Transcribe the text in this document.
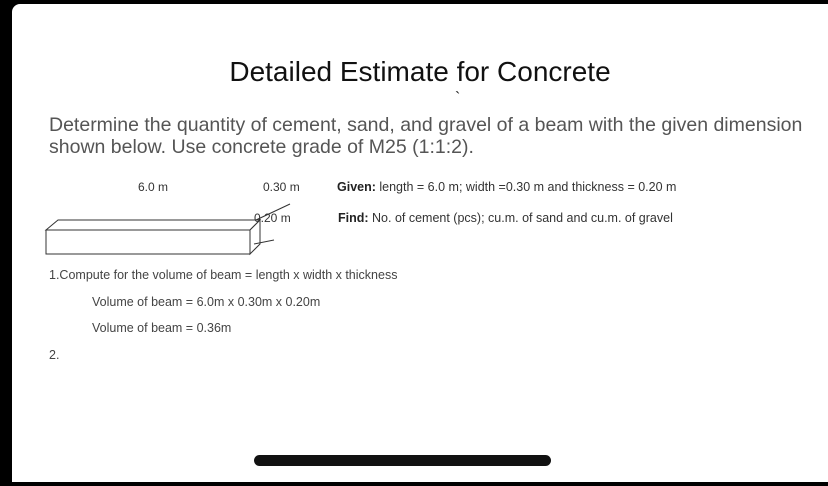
Detailed Estimate for Concrete
`
Determine the quantity of cement, sand, and gravel of a beam with the given dimension shown below. Use concrete grade of M25 (1:1:2).
6.0 m	0.30 m
0.20 m
Given: length = 6.0 m; width =0.30 m and thickness = 0.20 m
Find: No. of cement (pcs); cu.m. of sand and cu.m. of gravel
1.Compute for the volume of beam = length x width x thickness
Volume of beam = 6.0m x 0.30m x 0.20m
Volume of beam = 0.36m
2.
